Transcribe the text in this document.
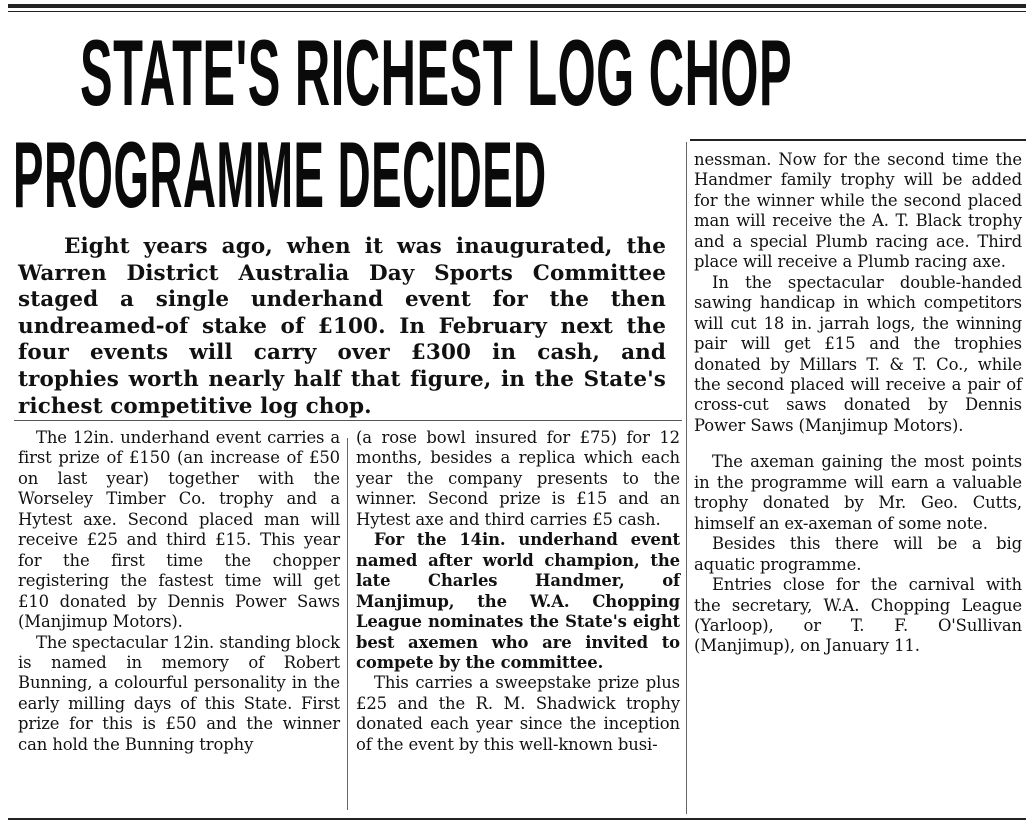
STATE'S RICHEST LOG CHOP
PROGRAMME DECIDED

Eight years ago, when it was inaugurated, the Warren District Australia Day Sports Committee staged a single underhand event for the then undreamed-of stake of £100. In February next the four events will carry over £300 in cash, and trophies worth nearly half that figure, in the State's richest competitive log chop.

The 12in. underhand event carries a first prize of £150 (an increase of £50 on last year) together with the Worseley Timber Co. trophy and a Hytest axe. Second placed man will receive £25 and third £15. This year for the first time the chopper registering the fastest time will get £10 donated by Dennis Power Saws (Manjimup Motors).

The spectacular 12in. standing block is named in memory of Robert Bunning, a colourful personality in the early milling days of this State. First prize for this is £50 and the winner can hold the Bunning trophy

(a rose bowl insured for £75) for 12 months, besides a replica which each year the company presents to the winner. Second prize is £15 and an Hytest axe and third carries £5 cash.

For the 14in. underhand event named after world champion, the late Charles Handmer, of Manjimup, the W.A. Chopping League nominates the State's eight best axemen who are invited to compete by the committee.

This carries a sweepstake prize plus £25 and the R. M. Shadwick trophy donated each year since the inception of the event by this well-known busi-

nessman. Now for the second time the Handmer family trophy will be added for the winner while the second placed man will receive the A. T. Black trophy and a special Plumb racing ace. Third place will receive a Plumb racing axe.

In the spectacular double-handed sawing handicap in which competitors will cut 18 in. jarrah logs, the winning pair will get £15 and the trophies donated by Millars T. & T. Co., while the second placed will receive a pair of cross-cut saws donated by Dennis Power Saws (Manjimup Motors).

The axeman gaining the most points in the programme will earn a valuable trophy donated by Mr. Geo. Cutts, himself an ex-axeman of some note.

Besides this there will be a big aquatic programme.

Entries close for the carnival with the secretary, W.A. Chopping League (Yarloop), or T. F. O'Sullivan (Manjimup), on January 11.
